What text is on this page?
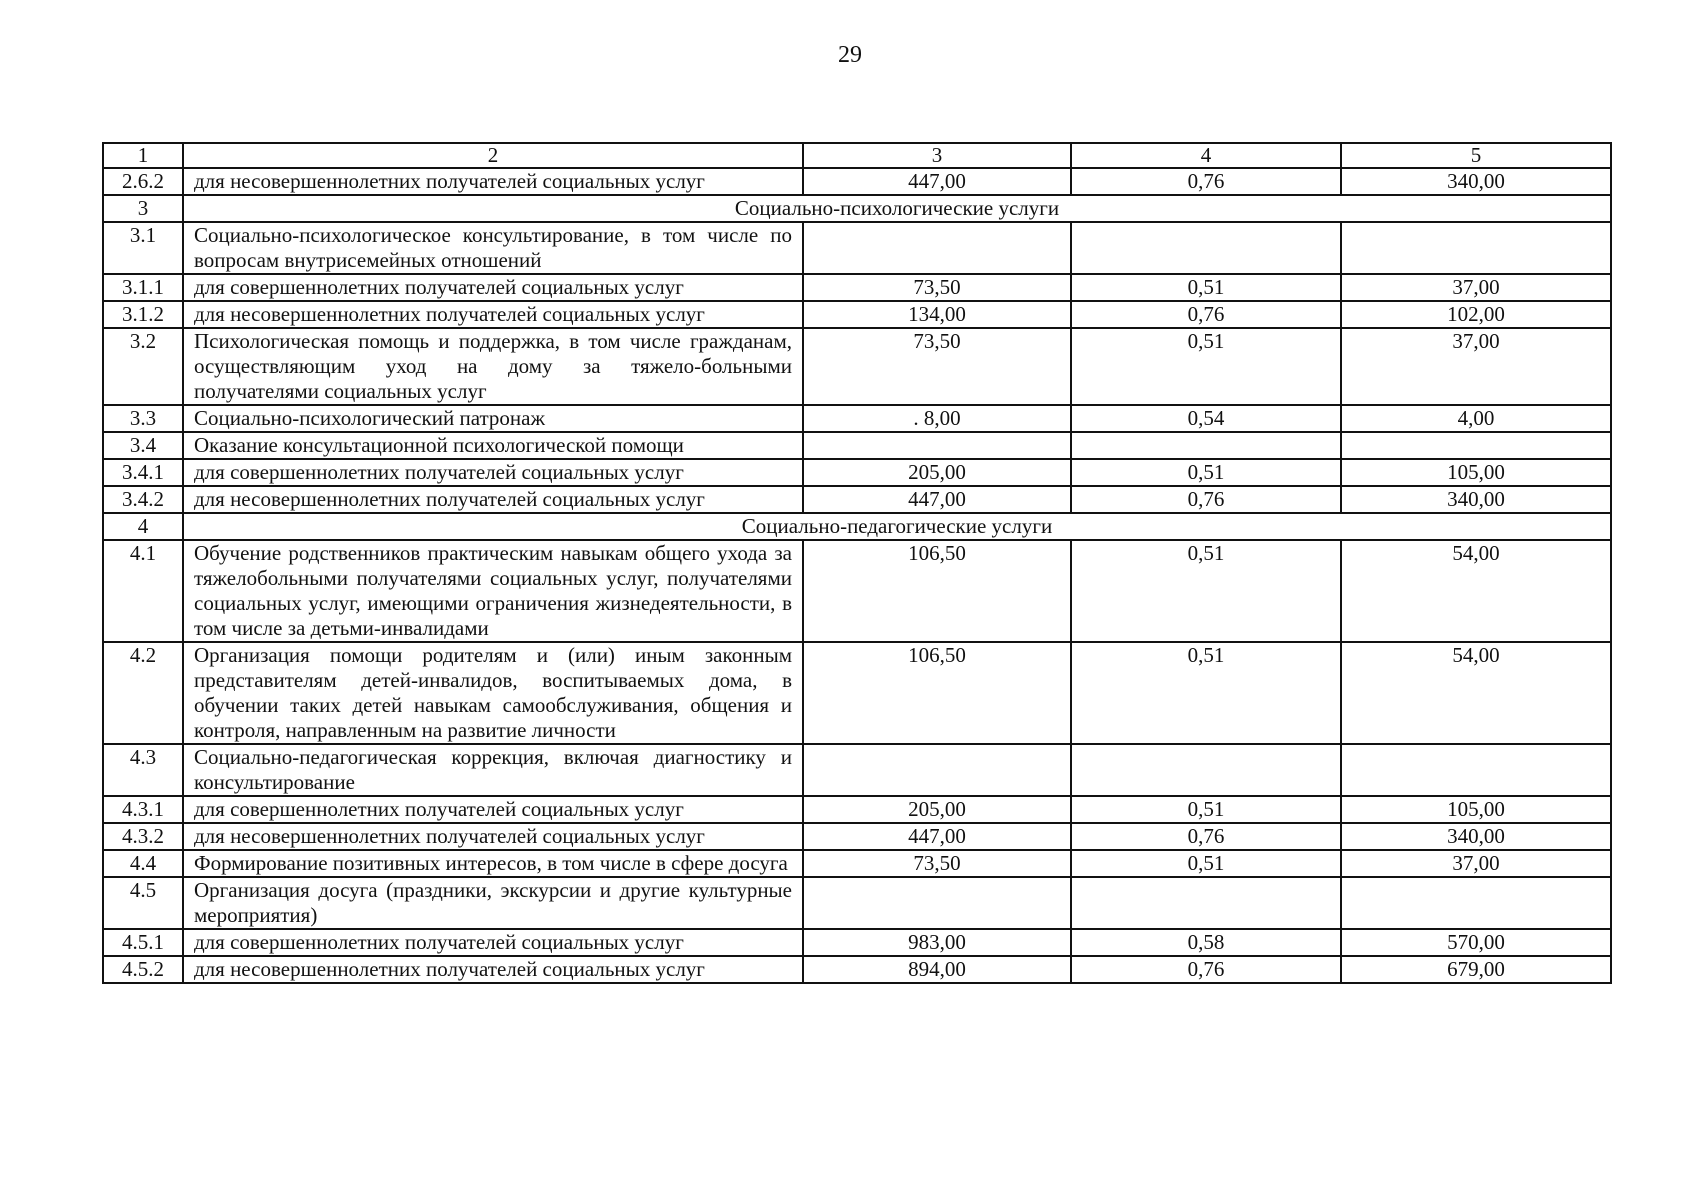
29
1	2	3	4	5
2.6.2	для несовершеннолетних получателей социальных услуг	447,00	0,76	340,00
3	Социально-психологические услуги			
3.1	Социально-психологическое консультирование, в том числе по вопросам внутрисемейных отношений			
3.1.1	для совершеннолетних получателей социальных услуг	73,50	0,51	37,00
3.1.2	для несовершеннолетних получателей социальных услуг	134,00	0,76	102,00
3.2	Психологическая помощь и поддержка, в том числе гражданам, осуществляющим уход на дому за тяжело-больными получателями социальных услуг	73,50	0,51	37,00
3.3	Социально-психологический патронаж	. 8,00	0,54	4,00
3.4	Оказание консультационной психологической помощи			
3.4.1	для совершеннолетних получателей социальных услуг	205,00	0,51	105,00
3.4.2	для несовершеннолетних получателей социальных услуг	447,00	0,76	340,00
4	Социально-педагогические услуги			
4.1	Обучение родственников практическим навыкам общего ухода за тяжелобольными получателями социальных услуг, получателями социальных услуг, имеющими ограничения жизнедеятельности, в том числе за детьми-инвалидами	106,50	0,51	54,00
4.2	Организация помощи родителям и (или) иным законным представителям детей-инвалидов, воспитываемых дома, в обучении таких детей навыкам самообслуживания, общения и контроля, направленным на развитие личности	106,50	0,51	54,00
4.3	Социально-педагогическая коррекция, включая диагностику и консультирование			
4.3.1	для совершеннолетних получателей социальных услуг	205,00	0,51	105,00
4.3.2	для несовершеннолетних получателей социальных услуг	447,00	0,76	340,00
4.4	Формирование позитивных интересов, в том числе в сфере досуга	73,50	0,51	37,00
4.5	Организация досуга (праздники, экскурсии и другие культурные мероприятия)			
4.5.1	для совершеннолетних получателей социальных услуг	983,00	0,58	570,00
4.5.2	для несовершеннолетних получателей социальных услуг	894,00	0,76	679,00
